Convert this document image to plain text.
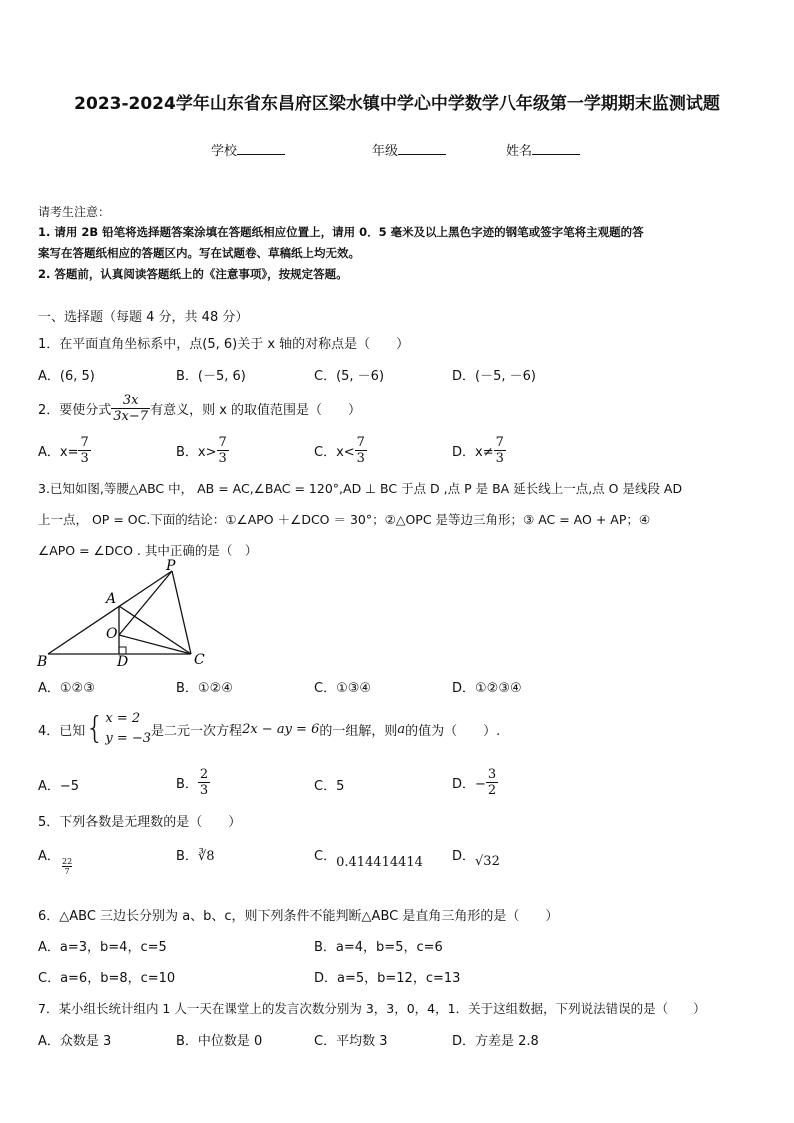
2023-2024学年山东省东昌府区梁水镇中学心中学数学八年级第一学期期末监测试题
学校	年级	姓名
请考生注意：
1. 请用 2B 铅笔将选择题答案涂填在答题纸相应位置上，请用 0．5 毫米及以上黑色字迹的钢笔或签字笔将主观题的答
案写在答题纸相应的答题区内。写在试题卷、草稿纸上均无效。
2. 答题前，认真阅读答题纸上的《注意事项》，按规定答题。
一、选择题（每题 4 分，共 48 分）
1．在平面直角坐标系中，点(5, 6)关于 x 轴的对称点是（　　）
A．(6, 5)	B．(－5, 6)	C．(5, －6)	D．(－5, －6)
2．要使分式 $\frac{3x}{3x-7}$ 有意义，则 x 的取值范围是（　　）
A．$x= \frac{7}{3}$	B．$x> \frac{7}{3}$	C．$x< \frac{7}{3}$	D．$x\ne \frac{7}{3}$
3.已知如图,等腰△ABC 中， AB = AC,∠BAC = 120°,AD ⊥ BC 于点 D ,点 P 是 BA 延长线上一点,点 O 是线段 AD
上一点， OP = OC.下面的结论：①∠APO ＋∠DCO ＝ 30°；②△OPC 是等边三角形；③ AC = AO + AP；④
∠APO = ∠DCO . 其中正确的是（　）
P
A
O
B	D	C
A．①②③	B．①②④	C．①③④	D．①②③④
4．已知 { x = 2
y = −3 是二元一次方程 2x − ay = 6 的一组解，则 a 的值为（　　）.
A．−5	B． $\frac{2}{3}$	C．5	D．− $\frac{3}{2}$
5．下列各数是无理数的是（　　）
A．
$\frac{22}{7}$
B．∛8	C．0.414414414 D．√32
6．△ABC 三边长分别为 a、b、c，则下列条件不能判断△ABC 是直角三角形的是（　　）
A．a=3，b=4，c=5	B．a=4，b=5，c=6
C．a=6，b=8，c=10	D．a=5，b=12，c=13
7．某小组长统计组内 1 人一天在课堂上的发言次数分别为 3，3，0，4，1．关于这组数据，下列说法错误的是（　　）
A．众数是 3	B．中位数是 0	C．平均数 3	D．方差是 2.8
